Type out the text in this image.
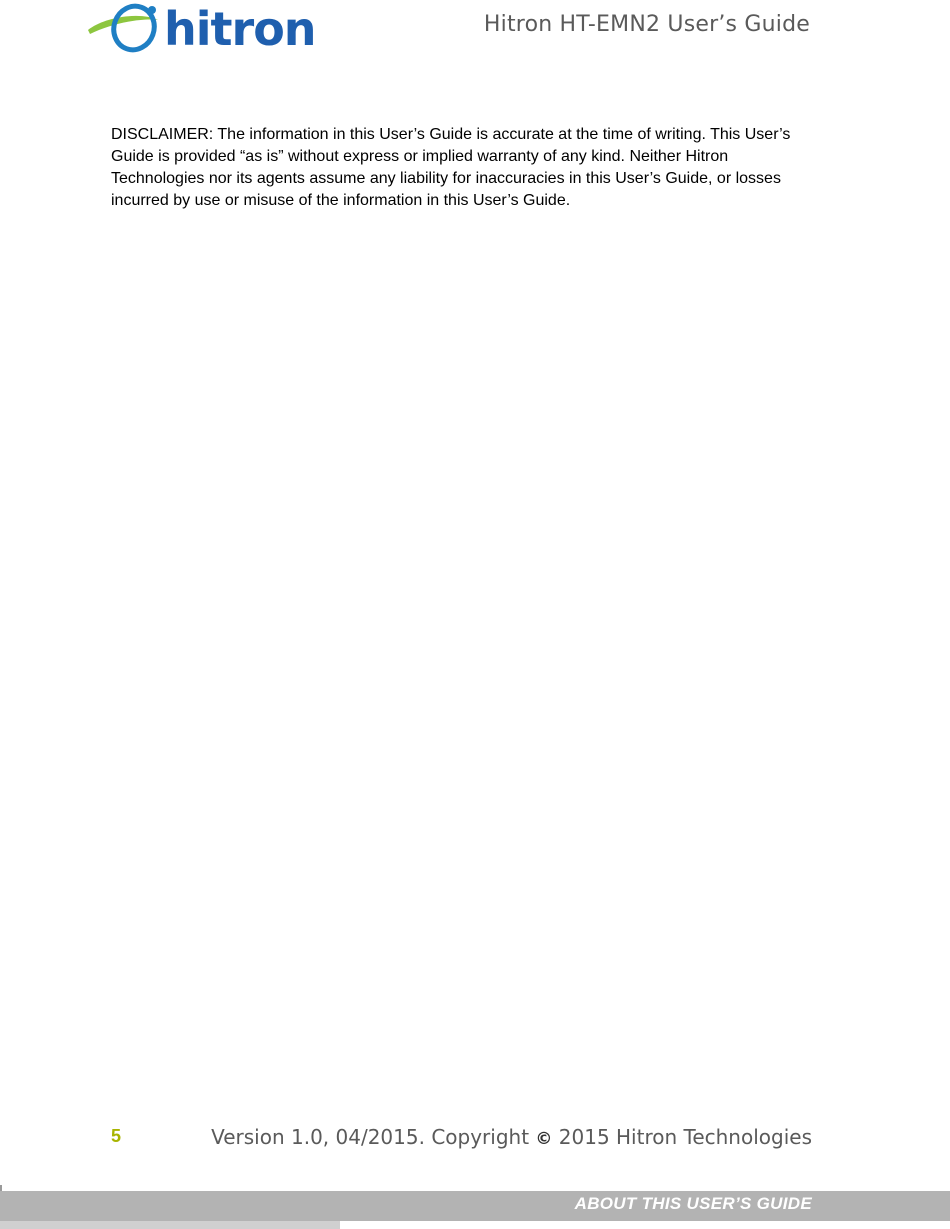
hitron	Hitron HT-EMN2 User’s Guide

DISCLAIMER: The information in this User’s Guide is accurate at the time of writing. This User’s Guide is provided “as is” without express or implied warranty of any kind. Neither Hitron Technologies nor its agents assume any liability for inaccuracies in this User’s Guide, or losses incurred by use or misuse of the information in this User’s Guide.

5	Version 1.0, 04/2015. Copyright © 2015 Hitron Technologies
ABOUT THIS USER’S GUIDE
